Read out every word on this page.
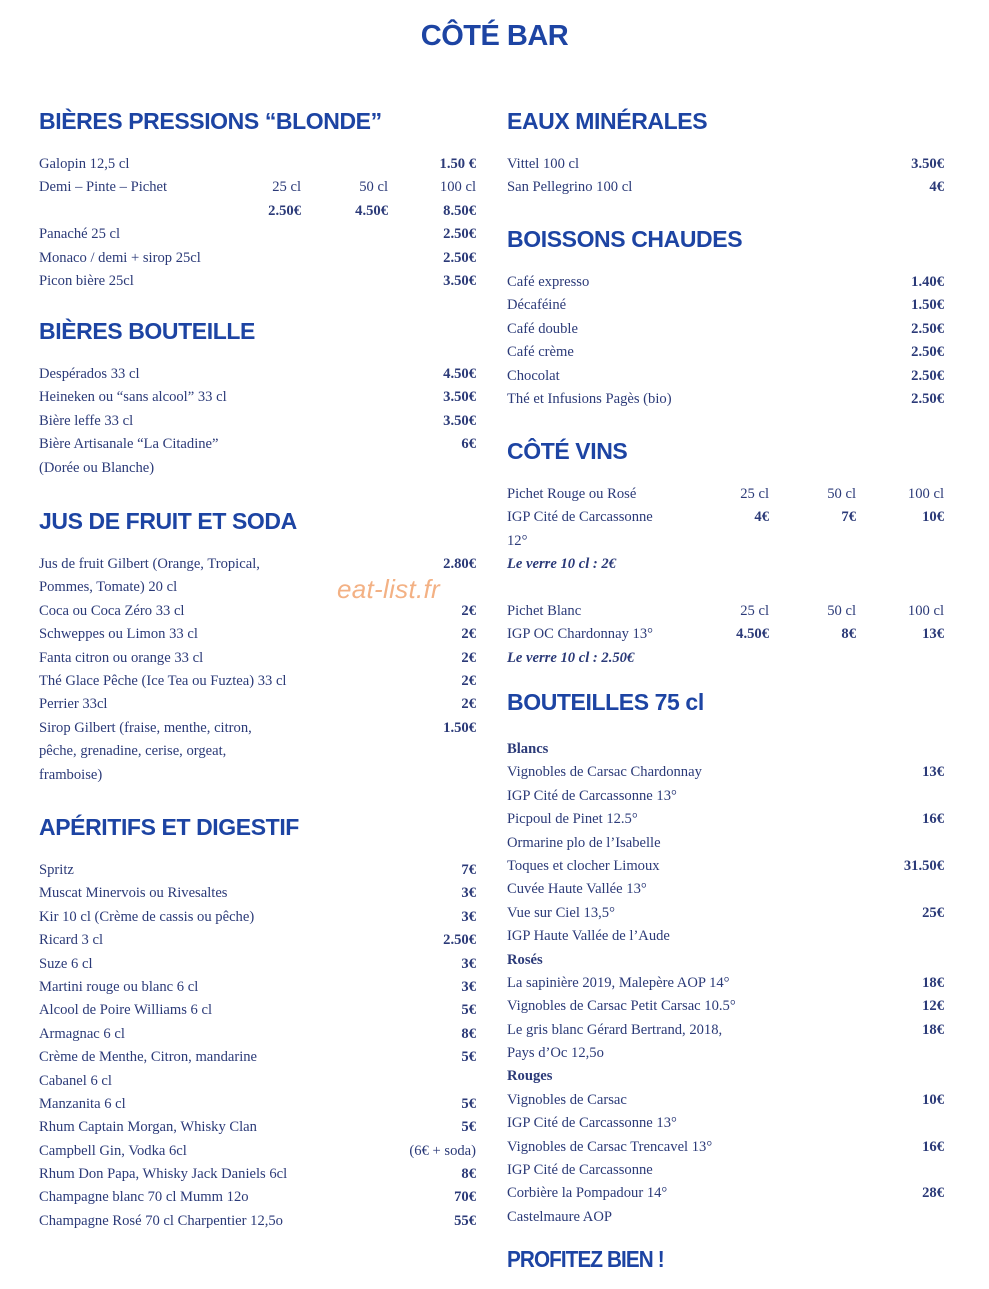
CÔTÉ BAR
BIÈRES PRESSIONS “BLONDE”
Galopin 12,5 cl	1.50 €
Demi – Pinte – Pichet	25 cl	50 cl	100 cl
2.50€	4.50€	8.50€
Panaché 25 cl	2.50€
Monaco / demi + sirop 25cl	2.50€
Picon bière 25cl	3.50€
BIÈRES BOUTEILLE
Despérados 33 cl	4.50€
Heineken ou “sans alcool” 33 cl	3.50€
Bière leffe 33 cl	3.50€
Bière Artisanale “La Citadine”	6€
(Dorée ou Blanche)
JUS DE FRUIT ET SODA
Jus de fruit Gilbert (Orange, Tropical,	2.80€
Pommes, Tomate) 20 cl
Coca ou Coca Zéro 33 cl	2€
Schweppes ou Limon 33 cl	2€
Fanta citron ou orange 33 cl	2€
Thé Glace Pêche (Ice Tea ou Fuztea) 33 cl	2€
Perrier 33cl	2€
Sirop Gilbert (fraise, menthe, citron,	1.50€
pêche, grenadine, cerise, orgeat,
framboise)
APÉRITIFS ET DIGESTIF
Spritz	7€
Muscat Minervois ou Rivesaltes	3€
Kir 10 cl (Crème de cassis ou pêche)	3€
Ricard 3 cl	2.50€
Suze 6 cl	3€
Martini rouge ou blanc 6 cl	3€
Alcool de Poire Williams 6 cl	5€
Armagnac 6 cl	8€
Crème de Menthe, Citron, mandarine	5€
Cabanel 6 cl
Manzanita 6 cl	5€
Rhum Captain Morgan, Whisky Clan	5€
Campbell Gin, Vodka 6cl	(6€ + soda)
Rhum Don Papa, Whisky Jack Daniels 6cl	8€
Champagne blanc 70 cl Mumm 12o	70€
Champagne Rosé 70 cl Charpentier 12,5o	55€
EAUX MINÉRALES
Vittel 100 cl	3.50€
San Pellegrino 100 cl	4€
BOISSONS CHAUDES
Café expresso	1.40€
Décaféiné	1.50€
Café double	2.50€
Café crème	2.50€
Chocolat	2.50€
Thé et Infusions Pagès (bio)	2.50€
CÔTÉ VINS
Pichet Rouge ou Rosé	25 cl	50 cl	100 cl
IGP Cité de Carcassonne	4€	7€	10€
12°
Le verre 10 cl : 2€
Pichet Blanc	25 cl	50 cl	100 cl
IGP OC Chardonnay 13°	4.50€	8€	13€
Le verre 10 cl : 2.50€
BOUTEILLES 75 cl
Blancs
Vignobles de Carsac Chardonnay	13€
IGP Cité de Carcassonne 13°
Picpoul de Pinet 12.5°	16€
Ormarine plo de l’Isabelle
Toques et clocher Limoux	31.50€
Cuvée Haute Vallée 13°
Vue sur Ciel 13,5°	25€
IGP Haute Vallée de l’Aude
Rosés
La sapinière 2019, Malepère AOP 14°	18€
Vignobles de Carsac Petit Carsac 10.5°	12€
Le gris blanc Gérard Bertrand, 2018,	18€
Pays d’Oc 12,5o
Rouges
Vignobles de Carsac	10€
IGP Cité de Carcassonne 13°
Vignobles de Carsac Trencavel 13°	16€
IGP Cité de Carcassonne
Corbière la Pompadour 14°	28€
Castelmaure AOP
eat-list.fr
PROFITEZ BIEN !
